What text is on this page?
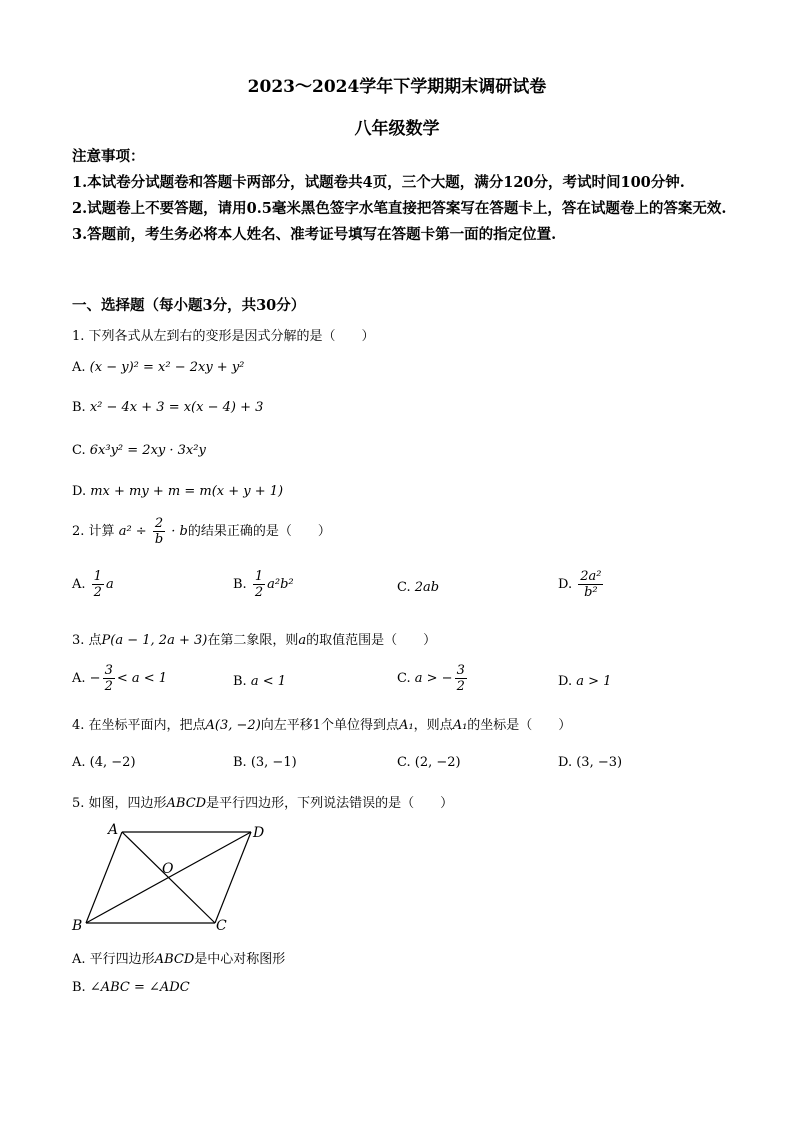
2023～2024学年下学期期末调研试卷
八年级数学
注意事项：
1.本试卷分试题卷和答题卡两部分，试题卷共4页，三个大题，满分120分，考试时间100分钟.
2.试题卷上不要答题，请用0.5毫米黑色签字水笔直接把答案写在答题卡上，答在试题卷上的答案无效.
3.答题前，考生务必将本人姓名、准考证号填写在答题卡第一面的指定位置.
一、选择题（每小题3分，共30分）
1. 下列各式从左到右的变形是因式分解的是（　　）
A. (x − y)² = x² − 2xy + y²
B. x² − 4x + 3 = x(x − 4) + 3
C. 6x³y² = 2xy · 3x²y
D. mx + my + m = m(x + y + 1)
2. 计算 $a^2 \div \frac{2}{b} \cdot b$的结果正确的是（　　）
A. $\frac{1}{2}$ a	B. $\frac{1}{2} a^2b^2$	C. 2ab	D. $\frac{\text{2a²}}{\text{b²}}$
3. 点P(a − 1, 2a + 3)在第二象限，则a的取值范围是（　　）
A. − $\frac{3}{2} < a < 1$	B. a < 1	C. a > − $\frac{3}{2}$	D. a > 1
4. 在坐标平面内，把点A(3, −2)向左平移1个单位得到点A₁，则点A₁的坐标是（　　）
A. (4, −2)	B. (3, −1)	C. (2, −2)	D. (3, −3)
5. 如图，四边形ABCD是平行四边形，下列说法错误的是（　　）
A	D
B	C
O
A. 平行四边形ABCD是中心对称图形
B. ∠ABC = ∠ADC
